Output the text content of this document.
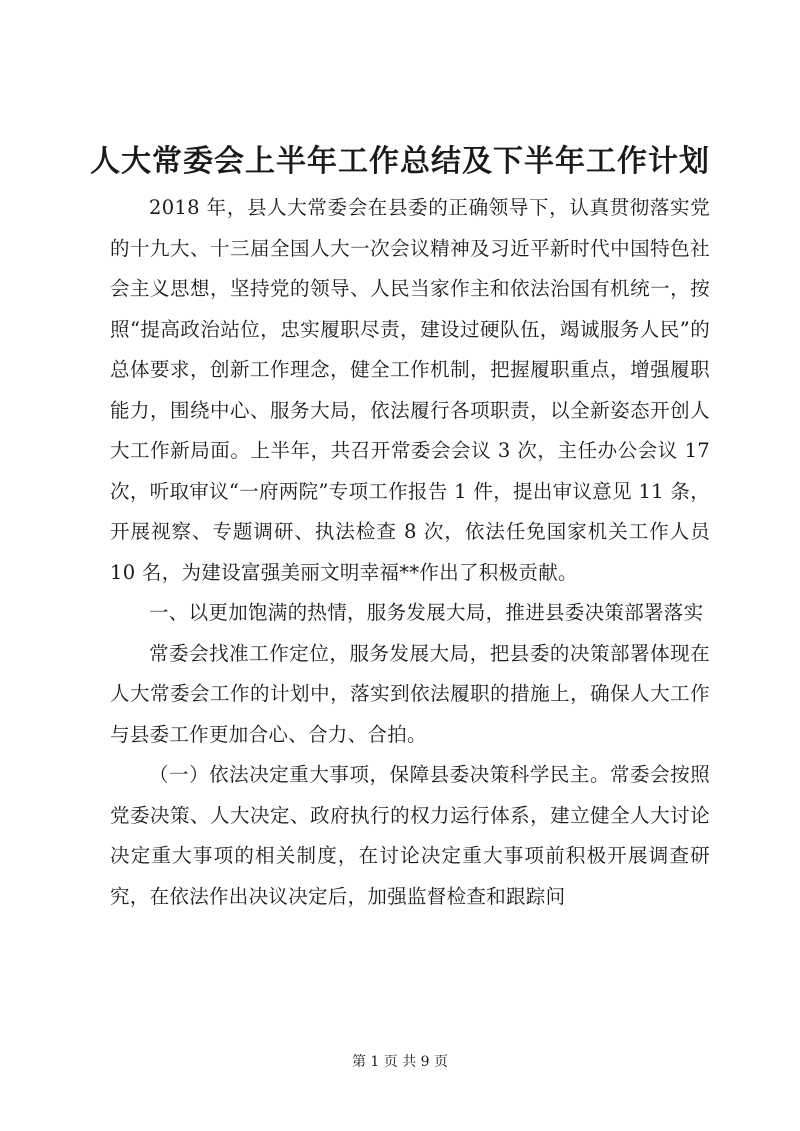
人大常委会上半年工作总结及下半年工作计划

2018 年，县人大常委会在县委的正确领导下，认真贯彻落实党的十九大、十三届全国人大一次会议精神及习近平新时代中国特色社会主义思想，坚持党的领导、人民当家作主和依法治国有机统一，按照“提高政治站位，忠实履职尽责，建设过硬队伍，竭诚服务人民”的总体要求，创新工作理念，健全工作机制，把握履职重点，增强履职能力，围绕中心、服务大局，依法履行各项职责，以全新姿态开创人大工作新局面。上半年，共召开常委会会议 3 次，主任办公会议 17 次，听取审议“一府两院”专项工作报告 1 件，提出审议意见 11 条，开展视察、专题调研、执法检查 8 次，依法任免国家机关工作人员 10 名，为建设富强美丽文明幸福**作出了积极贡献。

一、以更加饱满的热情，服务发展大局，推进县委决策部署落实

常委会找准工作定位，服务发展大局，把县委的决策部署体现在人大常委会工作的计划中，落实到依法履职的措施上，确保人大工作与县委工作更加合心、合力、合拍。

（一）依法决定重大事项，保障县委决策科学民主。常委会按照党委决策、人大决定、政府执行的权力运行体系，建立健全人大讨论决定重大事项的相关制度，在讨论决定重大事项前积极开展调查研究，在依法作出决议决定后，加强监督检查和跟踪问

第 1 页 共 9 页
